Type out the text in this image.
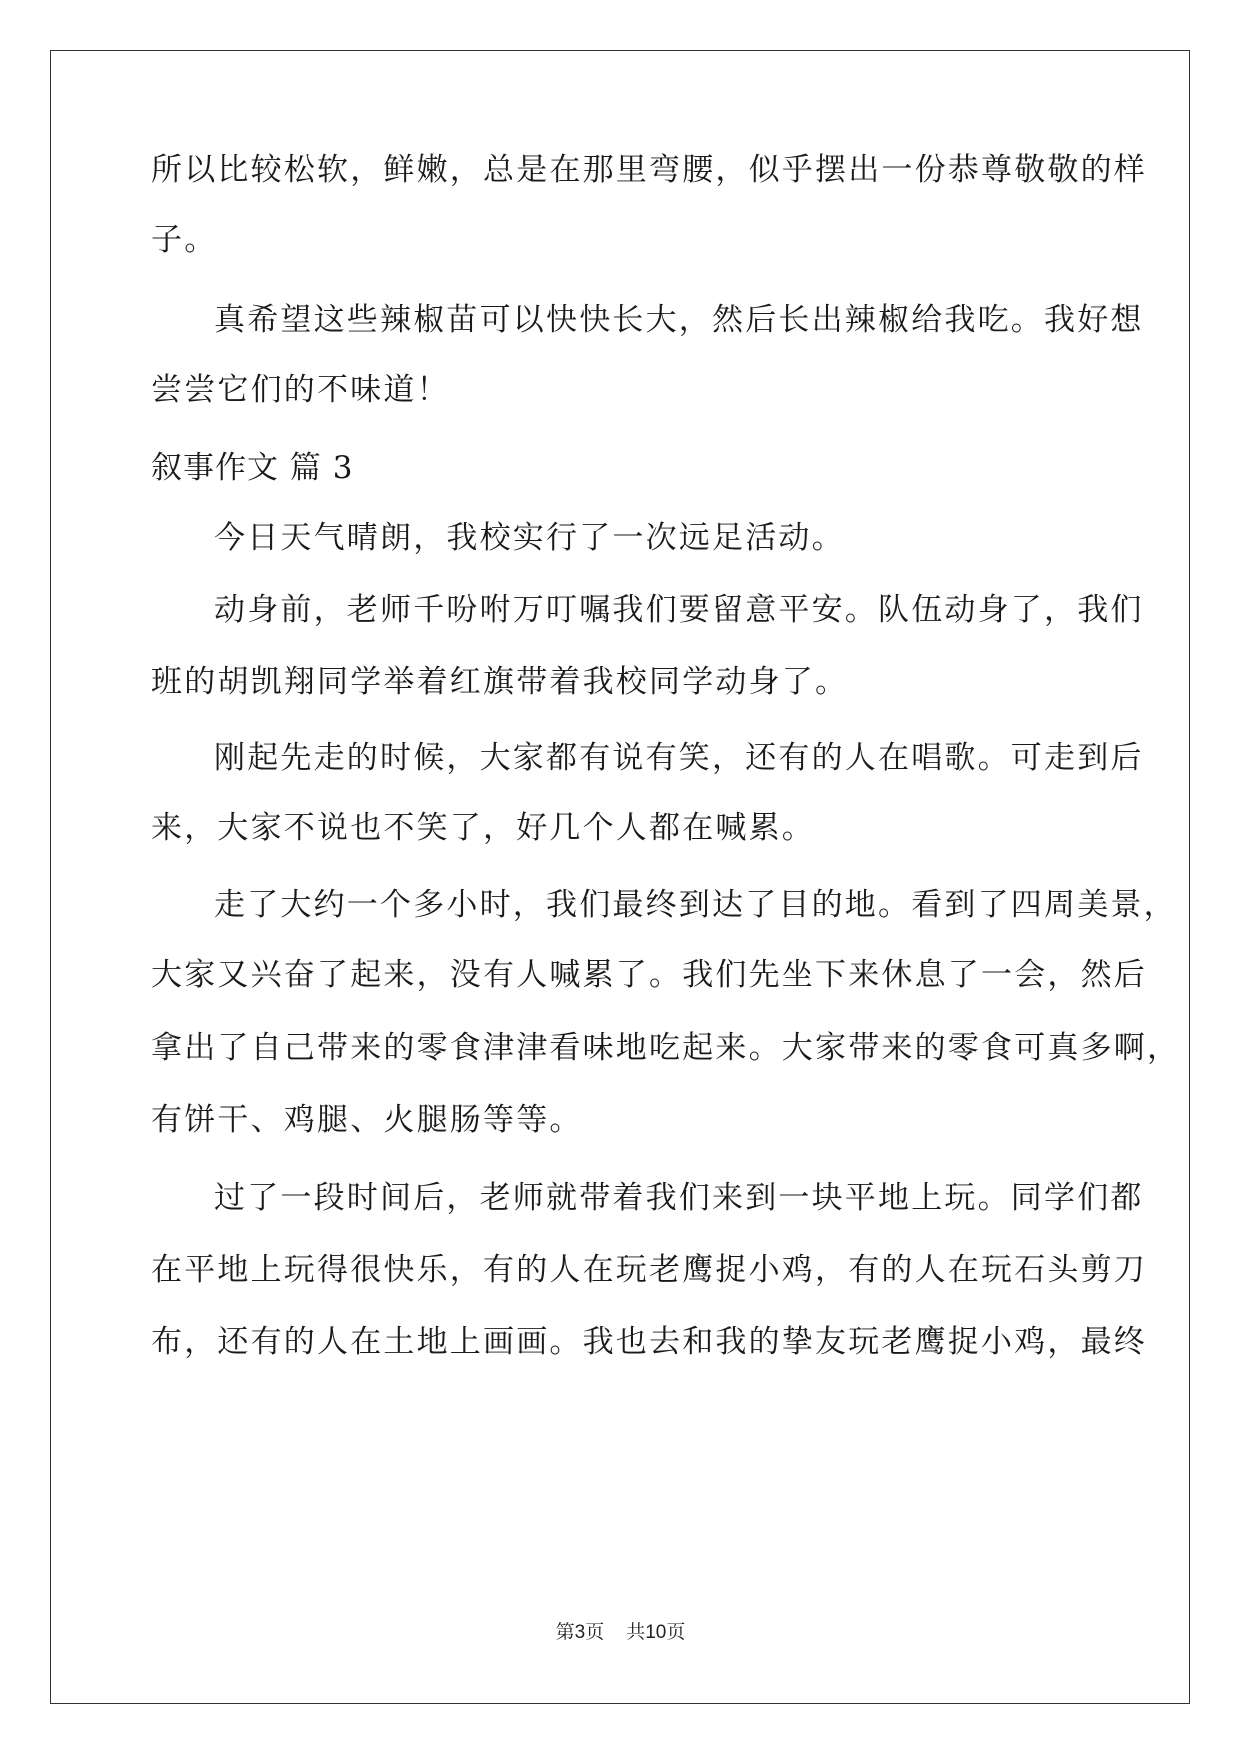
所以比较松软，鲜嫩，总是在那里弯腰，似乎摆出一份恭尊敬敬的样
子。
真希望这些辣椒苗可以快快长大，然后长出辣椒给我吃。我好想
尝尝它们的不味道！
叙事作文 篇 3
今日天气晴朗，我校实行了一次远足活动。
动身前，老师千吩咐万叮嘱我们要留意平安。队伍动身了，我们
班的胡凯翔同学举着红旗带着我校同学动身了。
刚起先走的时候，大家都有说有笑，还有的人在唱歌。可走到后
来，大家不说也不笑了，好几个人都在喊累。
走了大约一个多小时，我们最终到达了目的地。看到了四周美景，
大家又兴奋了起来，没有人喊累了。我们先坐下来休息了一会，然后
拿出了自己带来的零食津津看味地吃起来。大家带来的零食可真多啊，
有饼干、鸡腿、火腿肠等等。
过了一段时间后，老师就带着我们来到一块平地上玩。同学们都
在平地上玩得很快乐，有的人在玩老鹰捉小鸡，有的人在玩石头剪刀
布，还有的人在土地上画画。我也去和我的挚友玩老鹰捉小鸡，最终
第3页 共10页
